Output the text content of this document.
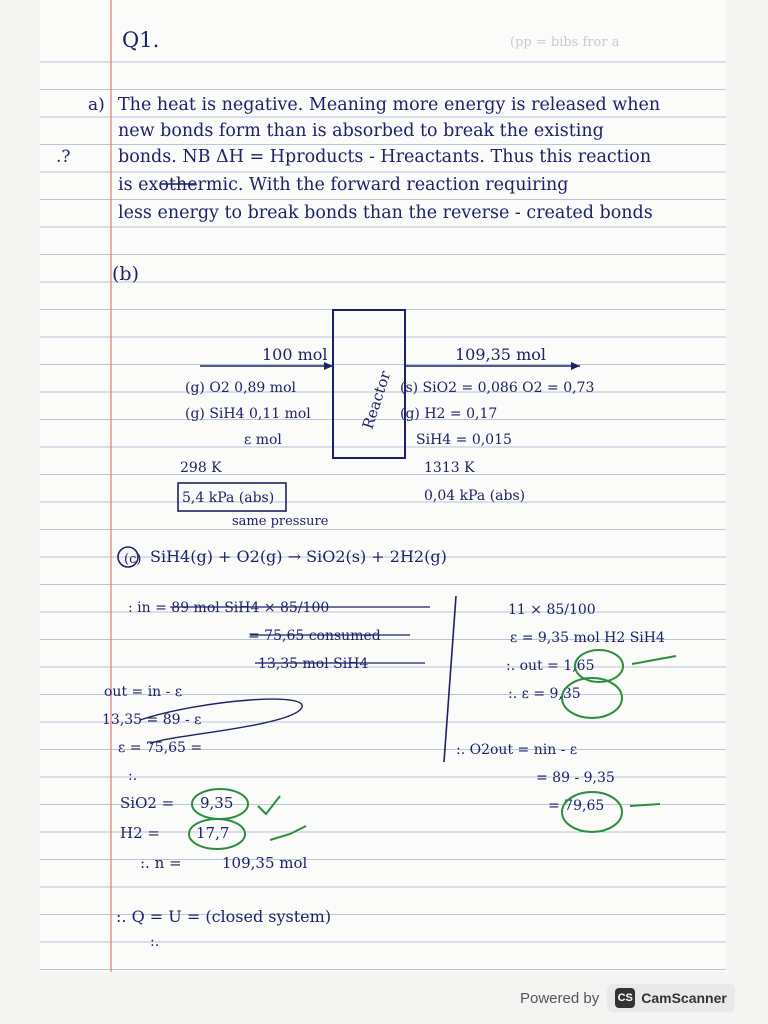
Q1.	(pp = bibs fror a
a)
.?
The heat is negative. Meaning more energy is released when
new bonds form than is absorbed to break the existing
bonds. NB ΔH = Hproducts - Hreactants. Thus this reaction
is exothermic. With the forward reaction requiring
less energy to break bonds than the reverse - created bonds
(b)
Reactor
100 mol
(g) O2 0,89 mol
(g) SiH4 0,11 mol
ε mol
109,35 mol
(s) SiO2 = 0,086 O2 = 0,73
(g) H2 = 0,17
SiH4 = 0,015
298 K
5,4 kPa (abs)
same pressure
1313 K
0,04 kPa (abs)
(c) SiH4(g) + O2(g) → SiO2(s) + 2H2(g)
: in = 89 mol SiH4 × 85/100
= 75,65 consumed
13,35 mol SiH4
out = in - ε
13,35 = 89 - ε
ε = 75,65 =
11 × 85/100
ε = 9,35 mol H2 SiH4
:. out = 1,65
:. ε = 9,35
:. O2out = nin - ε
= 89 - 9,35
= 79,65
:.
SiO2 = 9,35
H2 = 17,7
:. n =	109,35 mol
:. Q = U = (closed system)
:.
Powered by CS CamScanner
